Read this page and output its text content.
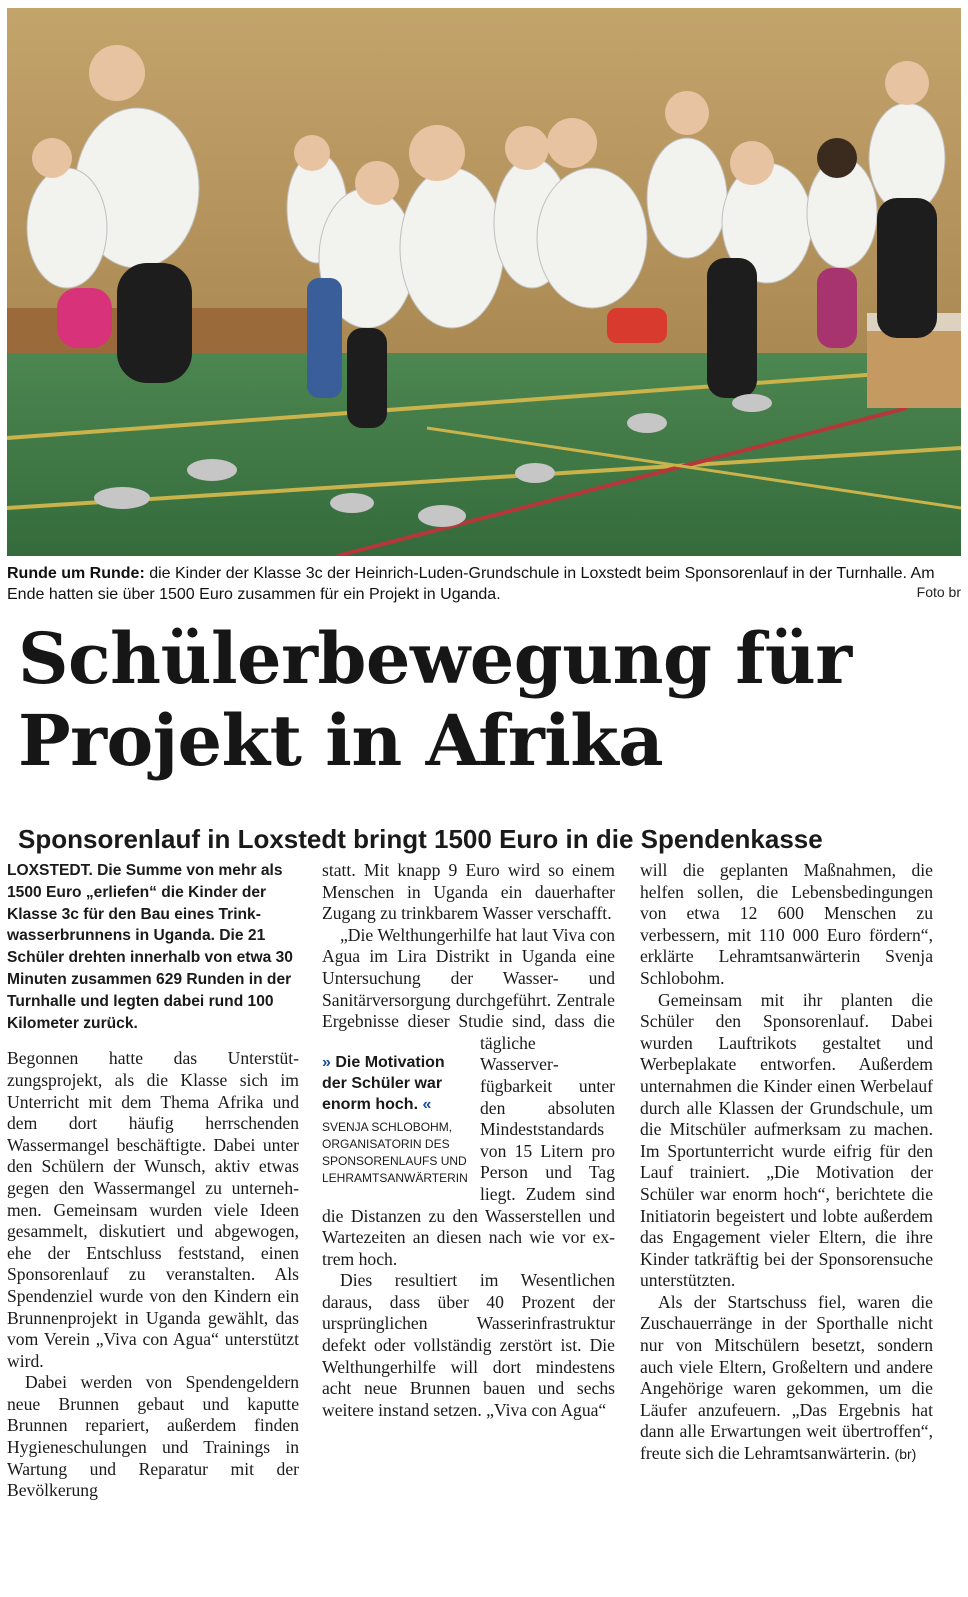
Runde um Runde: die Kinder der Klasse 3c der Heinrich-Luden-Grundschule in Loxstedt beim Sponsorenlauf in der Turnhalle. Am Ende hatten sie über 1500 Euro zusammen für ein Projekt in Uganda.	Foto br
Schülerbewegung für
Projekt in Afrika
Sponsorenlauf in Loxstedt bringt 1500 Euro in die Spendenkasse

LOXSTEDT. Die Summe von mehr als 1500 Euro „erliefen“ die Kinder der Klasse 3c für den Bau eines Trinkwasserbrunnens in Uganda. Die 21 Schüler drehten innerhalb von etwa 30 Minuten zusammen 629 Runden in der Turnhalle und legten dabei rund 100 Kilometer zurück.

Begonnen hatte das Unterstützungsprojekt, als die Klasse sich im Unterricht mit dem Thema Afrika und dem dort häufig herrschenden Wassermangel beschäftigte. Dabei unter den Schülern der Wunsch, aktiv etwas gegen den Wassermangel zu unternehmen. Gemeinsam wurden viele Ideen gesammelt, diskutiert und abgewogen, ehe der Entschluss feststand, einen Sponsorenlauf zu veranstalten. Als Spendenziel wurde von den Kindern ein Brunnenprojekt in Uganda gewählt, das vom Verein „Viva con Agua“ unterstützt wird.

Dabei werden von Spendengeldern neue Brunnen gebaut und kaputte Brunnen repariert, außerdem finden Hygieneschulungen und Trainings in Wartung und Reparatur mit der Bevölkerung

statt. Mit knapp 9 Euro wird so einem Menschen in Uganda ein dauerhafter Zugang zu trinkbarem Wasser verschafft.

„Die Welthungerhilfe hat laut Viva con Agua im Lira Distrikt in Uganda eine Untersuchung der Wasser- und Sanitärversorgung durchgeführt. Zentrale Ergebnisse dieser Studie sind, dass die tägliche Wasserverfügbarkeit unter den absoluten Mindeststandards von 15 Litern pro Person und Tag liegt. Zudem sind die Distanzen zu den Wasserstellen und Wartezeiten an diesen nach wie vor extrem hoch.

Dies resultiert im Wesentlichen daraus, dass über 40 Prozent der ursprünglichen Wasserinfrastruktur defekt oder vollständig zerstört ist. Die Welthungerhilfe will dort mindestens acht neue Brunnen bauen und sechs weitere instand setzen. „Viva con Agua“

» Die Motivation der Schüler war enorm hoch. «
SVENJA SCHLOBOHM, ORGANISATORIN DES SPONSORENLAUFS UND LEHRAMTSANWÄRTERIN

will die geplanten Maßnahmen, die helfen sollen, die Lebensbedingungen von etwa 12 600 Menschen zu verbessern, mit 110 000 Euro fördern“, erklärte Lehramtsanwärterin Svenja Schlobohm.

Gemeinsam mit ihr planten die Schüler den Sponsorenlauf. Dabei wurden Lauftrikots gestaltet und Werbeplakate entworfen. Außerdem unternahmen die Kinder einen Werbelauf durch alle Klassen der Grundschule, um die Mitschüler aufmerksam zu machen. Im Sportunterricht wurde eifrig für den Lauf trainiert. „Die Motivation der Schüler war enorm hoch“, berichtete die Initiatorin begeistert und lobte außerdem das Engagement vieler Eltern, die ihre Kinder tatkräftig bei der Sponsorensuche unterstützten.

Als der Startschuss fiel, waren die Zuschauerränge in der Sporthalle nicht nur von Mitschülern besetzt, sondern auch viele Eltern, Großeltern und andere Angehörige waren gekommen, um die Läufer anzufeuern. „Das Ergebnis hat dann alle Erwartungen weit übertroffen“, freute sich die Lehramtsanwärterin. (br)
